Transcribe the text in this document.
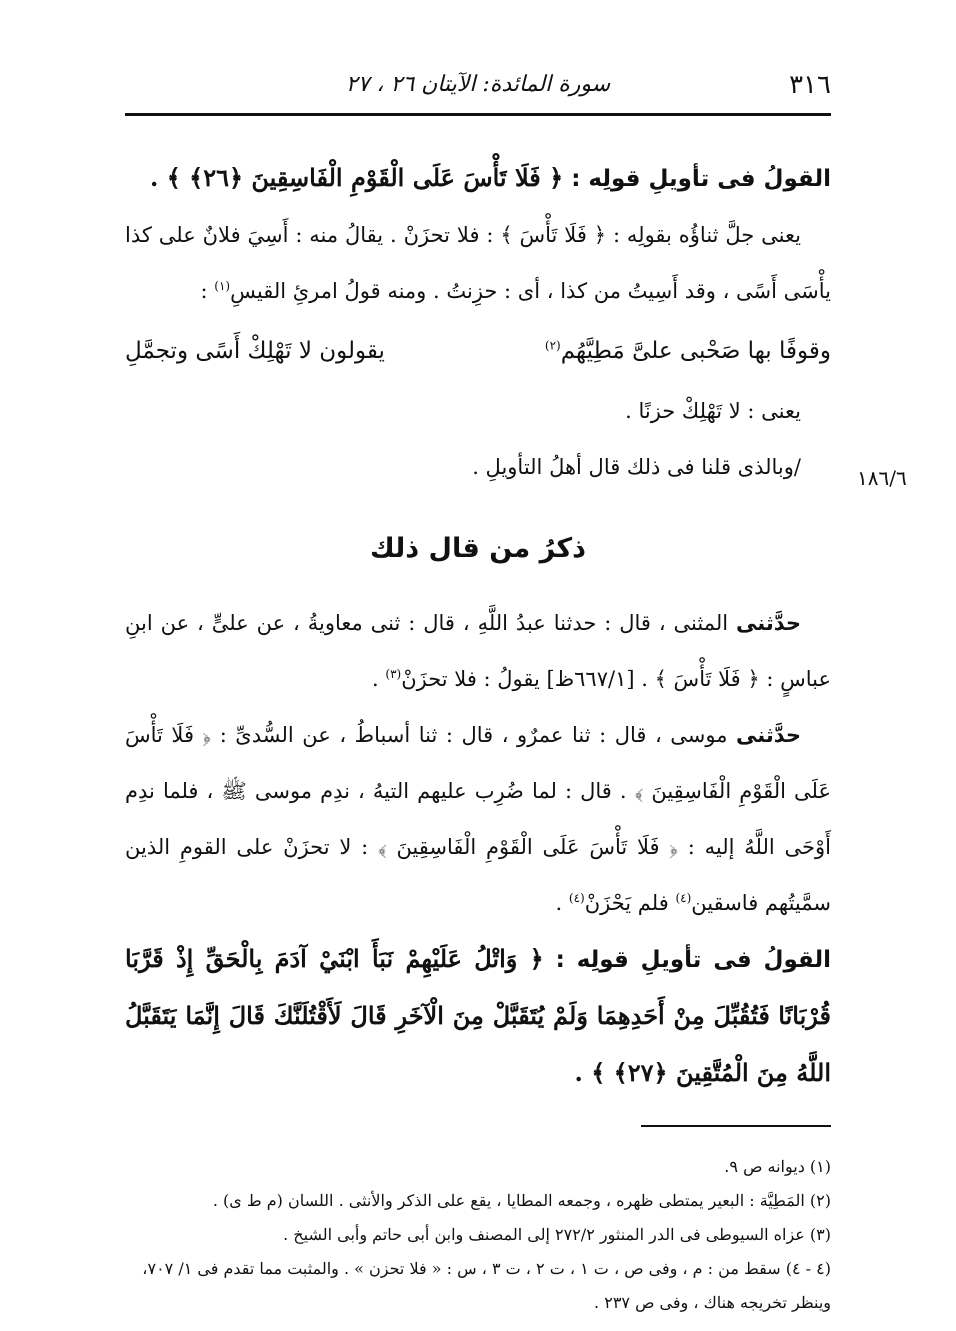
٣١٦
سورة المائدة: الآيتان ٢٦ ، ٢٧
١٨٦/٦

القولُ فى تأويلِ قولِه : ﴿ فَلَا تَأْسَ عَلَى الْقَوْمِ الْفَاسِقِينَ ﴿٢٦﴾ ﴾ .

يعنى جلَّ ثناؤُه بقولِه : ﴿ فَلَا تَأْسَ ﴾ : فلا تحزَنْ . يقالُ منه : أَسِيَ فلانٌ على كذا يأْسَى أَسًى ، وقد أَسِيتُ من كذا ، أى : حزِنتُ . ومنه قولُ امرئِ القيسِ$^{(١)}$ :

وقوفًا بها صَحْبى علىَّ مَطِيَّهُم$^{(٢)}$
يقولون لا تَهْلِكْ أَسًى وتجمَّلِ

يعنى : لا تَهْلِكْ حزنًا .

/وبالذى قلنا فى ذلك قال أهلُ التأويلِ .

ذكرُ من قال ذلك

حدَّثنى المثنى ، قال : حدثنا عبدُ اللَّهِ ، قال : ثنى معاويةُ ، عن علىٍّ ، عن ابنِ عباسٍ : ﴿ فَلَا تَأْسَ ﴾ . [٦٦٧/١ظ] يقولُ : فلا تحزَنْ$^{(٣)}$ .

حدَّثنى موسى ، قال : ثنا عمرٌو ، قال : ثنا أسباطُ ، عن السُّدىِّ : ﴿ فَلَا تَأْسَ عَلَى الْقَوْمِ الْفَاسِقِينَ ﴾ . قال : لما ضُرِب عليهم التيهُ ، ندِم موسى ﷺ ، فلما ندِم أَوْحَى اللَّهُ إليه : ﴿ فَلَا تَأْسَ عَلَى الْقَوْمِ الْفَاسِقِينَ ﴾ : لا تحزَنْ على القومِ الذين سمَّيتُهم فاسقين$^{(٤)}$ فلم يَحْزَنْ$^{(٤)}$ .

القولُ فى تأويلِ قولِه : ﴿ وَاتْلُ عَلَيْهِمْ نَبَأَ ابْنَيْ آدَمَ بِالْحَقِّ إِذْ قَرَّبَا قُرْبَانًا فَتُقُبِّلَ مِنْ أَحَدِهِمَا وَلَمْ يُتَقَبَّلْ مِنَ الْآخَرِ قَالَ لَأَقْتُلَنَّكَ قَالَ إِنَّمَا يَتَقَبَّلُ اللَّهُ مِنَ الْمُتَّقِينَ ﴿٢٧﴾ ﴾ .

(١) ديوانه ص ٩.

(٢) المَطِيَّة : البعير يمتطى ظهره ، وجمعه المطايا ، يقع على الذكر والأنثى . اللسان (م ط ى) .

(٣) عزاه السيوطى فى الدر المنثور ٢٧٢/٢ إلى المصنف وابن أبى حاتم وأبى الشيخ .

(٤ - ٤) سقط من : م ، وفى ص ، ت ١ ، ت ٢ ، ت ٣ ، س : « فلا تحزن » . والمثبت مما تقدم فى ١/ ٧٠٧،

وينظر تخريجه هناك ، وفى ص ٢٣٧ .
